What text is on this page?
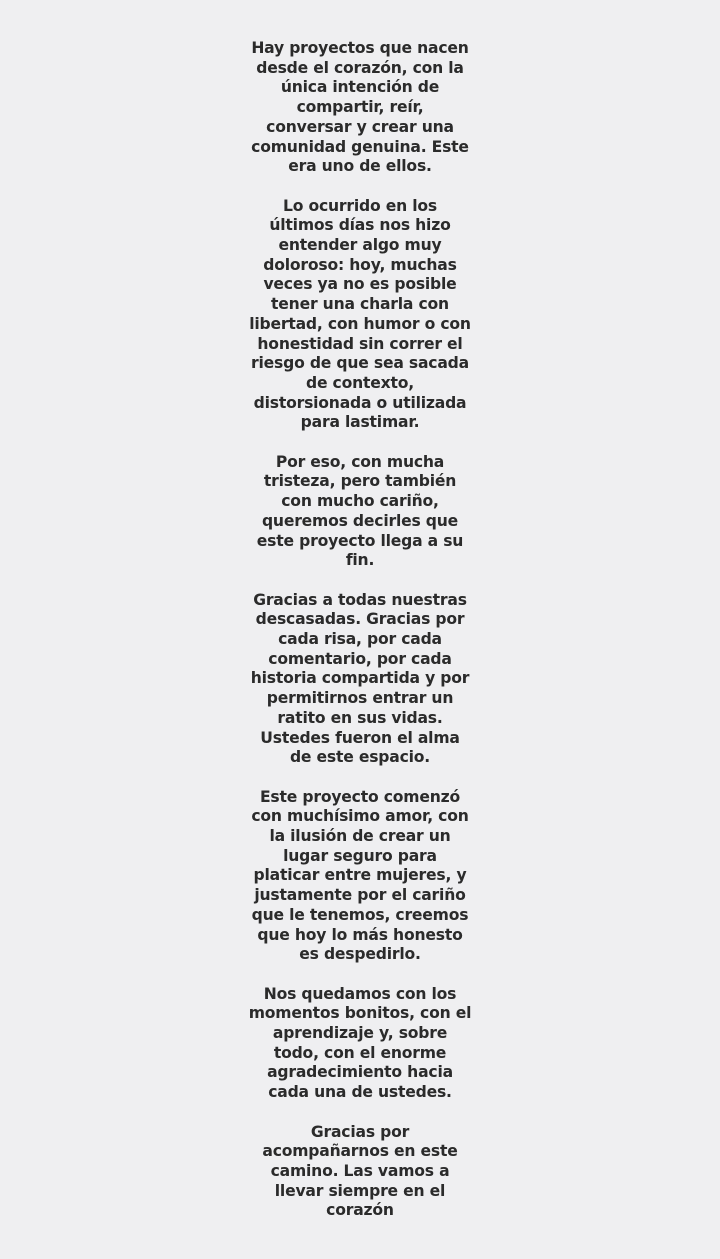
Hay proyectos que nacen
desde el corazón, con la
única intención de
compartir, reír,
conversar y crear una
comunidad genuina. Este
era uno de ellos.
Lo ocurrido en los
últimos días nos hizo
entender algo muy
doloroso: hoy, muchas
veces ya no es posible
tener una charla con
libertad, con humor o con
honestidad sin correr el
riesgo de que sea sacada
de contexto,
distorsionada o utilizada
para lastimar.
Por eso, con mucha
tristeza, pero también
con mucho cariño,
queremos decirles que
este proyecto llega a su
fin.
Gracias a todas nuestras
descasadas. Gracias por
cada risa, por cada
comentario, por cada
historia compartida y por
permitirnos entrar un
ratito en sus vidas.
Ustedes fueron el alma
de este espacio.
Este proyecto comenzó
con muchísimo amor, con
la ilusión de crear un
lugar seguro para
platicar entre mujeres, y
justamente por el cariño
que le tenemos, creemos
que hoy lo más honesto
es despedirlo.
Nos quedamos con los
momentos bonitos, con el
aprendizaje y, sobre
todo, con el enorme
agradecimiento hacia
cada una de ustedes.
Gracias por
acompañarnos en este
camino. Las vamos a
llevar siempre en el
corazón
